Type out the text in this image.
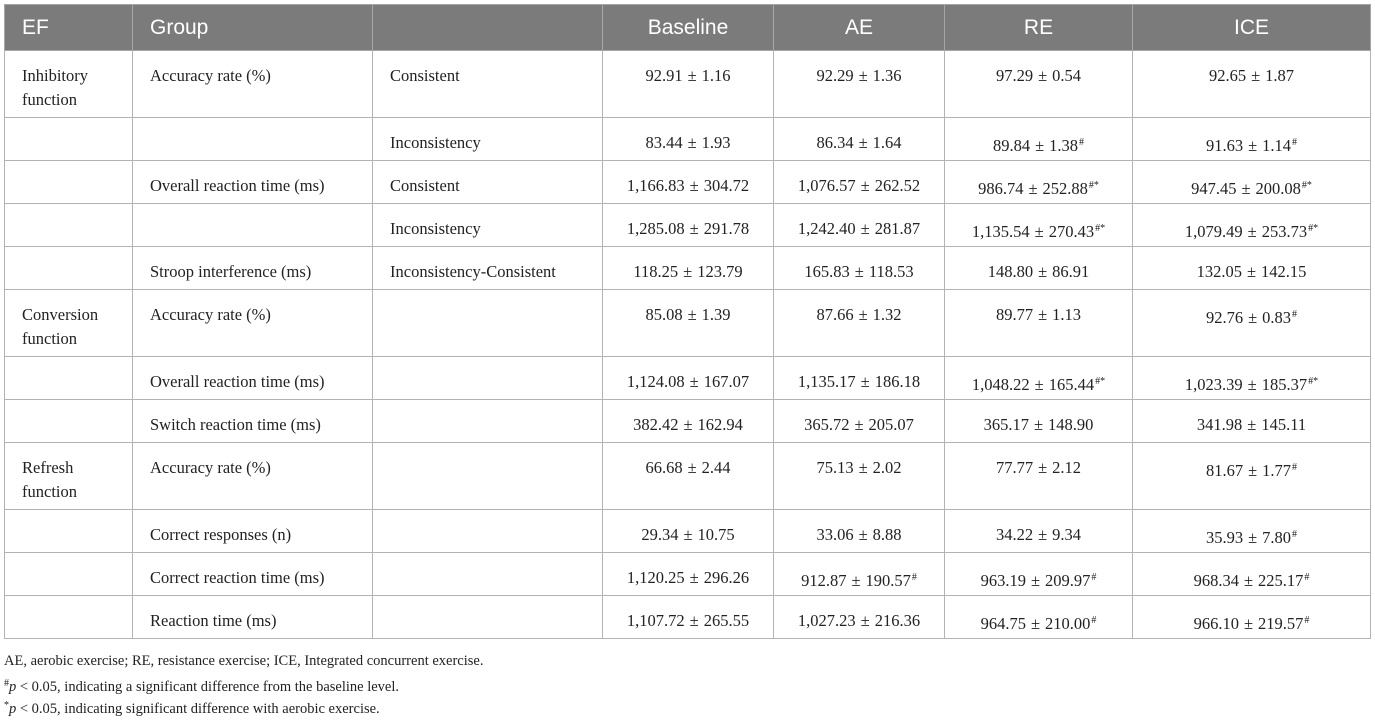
EF	Group		Baseline	AE	RE	ICE
Inhibitory function	Accuracy rate (%)	Consistent	92.91 ± 1.16	92.29 ± 1.36	97.29 ± 0.54	92.65 ± 1.87
		Inconsistency	83.44 ± 1.93	86.34 ± 1.64	89.84 ± 1.38#	91.63 ± 1.14#
	Overall reaction time (ms)	Consistent	1,166.83 ± 304.72	1,076.57 ± 262.52	986.74 ± 252.88#*	947.45 ± 200.08#*
		Inconsistency	1,285.08 ± 291.78	1,242.40 ± 281.87	1,135.54 ± 270.43#*	1,079.49 ± 253.73#*
	Stroop interference (ms)	Inconsistency-Consistent	118.25 ± 123.79	165.83 ± 118.53	148.80 ± 86.91	132.05 ± 142.15
Conversion function	Accuracy rate (%)		85.08 ± 1.39	87.66 ± 1.32	89.77 ± 1.13	92.76 ± 0.83#
	Overall reaction time (ms)		1,124.08 ± 167.07	1,135.17 ± 186.18	1,048.22 ± 165.44#*	1,023.39 ± 185.37#*
	Switch reaction time (ms)		382.42 ± 162.94	365.72 ± 205.07	365.17 ± 148.90	341.98 ± 145.11
Refresh function	Accuracy rate (%)		66.68 ± 2.44	75.13 ± 2.02	77.77 ± 2.12	81.67 ± 1.77#
	Correct responses (n)		29.34 ± 10.75	33.06 ± 8.88	34.22 ± 9.34	35.93 ± 7.80#
	Correct reaction time (ms)		1,120.25 ± 296.26	912.87 ± 190.57#	963.19 ± 209.97#	968.34 ± 225.17#
	Reaction time (ms)		1,107.72 ± 265.55	1,027.23 ± 216.36	964.75 ± 210.00#	966.10 ± 219.57#
AE, aerobic exercise; RE, resistance exercise; ICE, Integrated concurrent exercise.
#p < 0.05, indicating a significant difference from the baseline level.
*p < 0.05, indicating significant difference with aerobic exercise.
